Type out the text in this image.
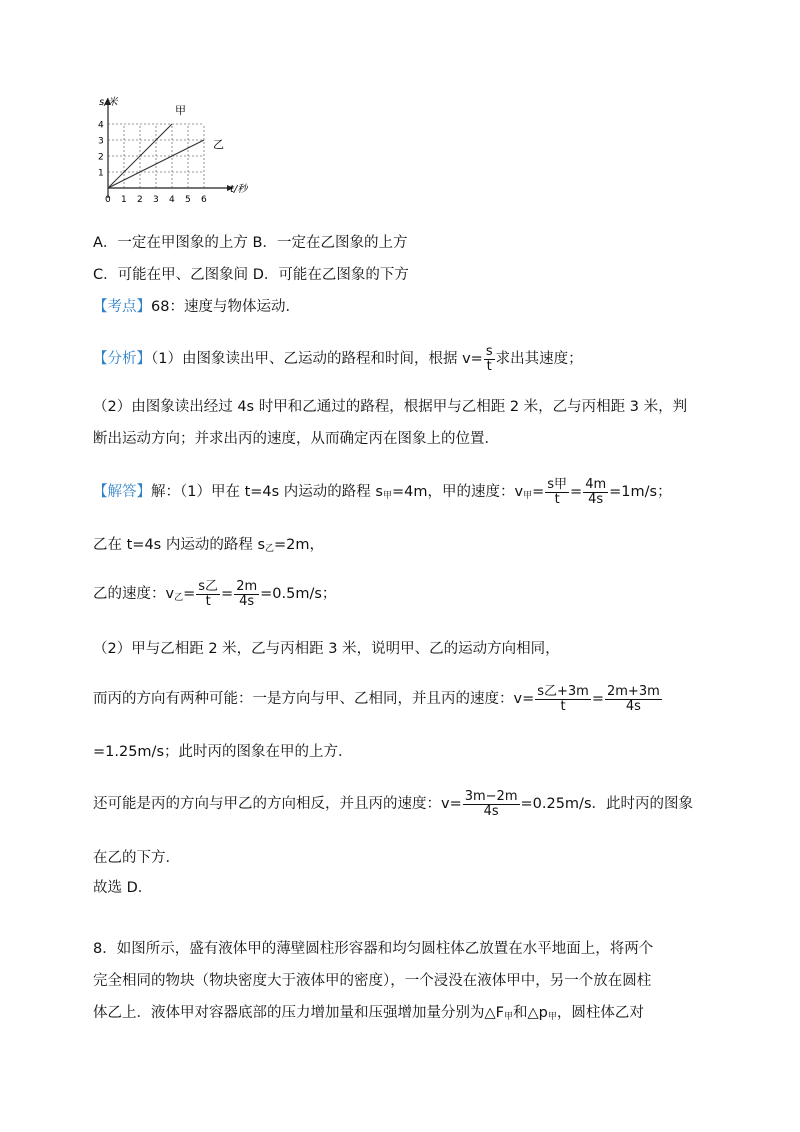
s/米
t/秒
1
2
3
4
0 1 2 3 4 5 6
甲
乙
A．一定在甲图象的上方 B．一定在乙图象的上方
C．可能在甲、乙图象间 D．可能在乙图象的下方
【考点】68：速度与物体运动．
【分析】（1）由图象读出甲、乙运动的路程和时间，根据 $v= \frac{s}{t}$ 求出其速度；
（2）由图象读出经过 4s 时甲和乙通过的路程，根据甲与乙相距 2 米，乙与丙相距 3 米，判
断出运动方向；并求出丙的速度，从而确定丙在图象上的位置．
【解答】解：（1）甲在 t=4s 内运动的路程 $s_甲=4m$，甲的速度：$v_甲= \frac{\text{s甲}}{t} = \frac{4m}{4s} =1m/s$；
乙在 t=4s 内运动的路程 $s_乙=2m$，
乙的速度：$v_乙= \frac{\text{s乙}}{t} = \frac{2m}{4s} =0.5m/s$；
（2）甲与乙相距 2 米，乙与丙相距 3 米，说明甲、乙的运动方向相同，
而丙的方向有两种可能：一是方向与甲、乙相同，并且丙的速度：$v= \frac{\text{s乙+3m}}{t} = \frac{2m+3m}{4s}$
=1.25m/s；此时丙的图象在甲的上方．
还可能是丙的方向与甲乙的方向相反，并且丙的速度：$v= \frac{3m-2m}{4s} =0.25m/s$．此时丙的图象
在乙的下方．
故选 D．
8．如图所示，盛有液体甲的薄壁圆柱形容器和均匀圆柱体乙放置在水平地面上，将两个
完全相同的物块（物块密度大于液体甲的密度），一个浸没在液体甲中，另一个放在圆柱
体乙上．液体甲对容器底部的压力增加量和压强增加量分别为$\triangle F_甲$和$\triangle p_甲$，圆柱体乙对
